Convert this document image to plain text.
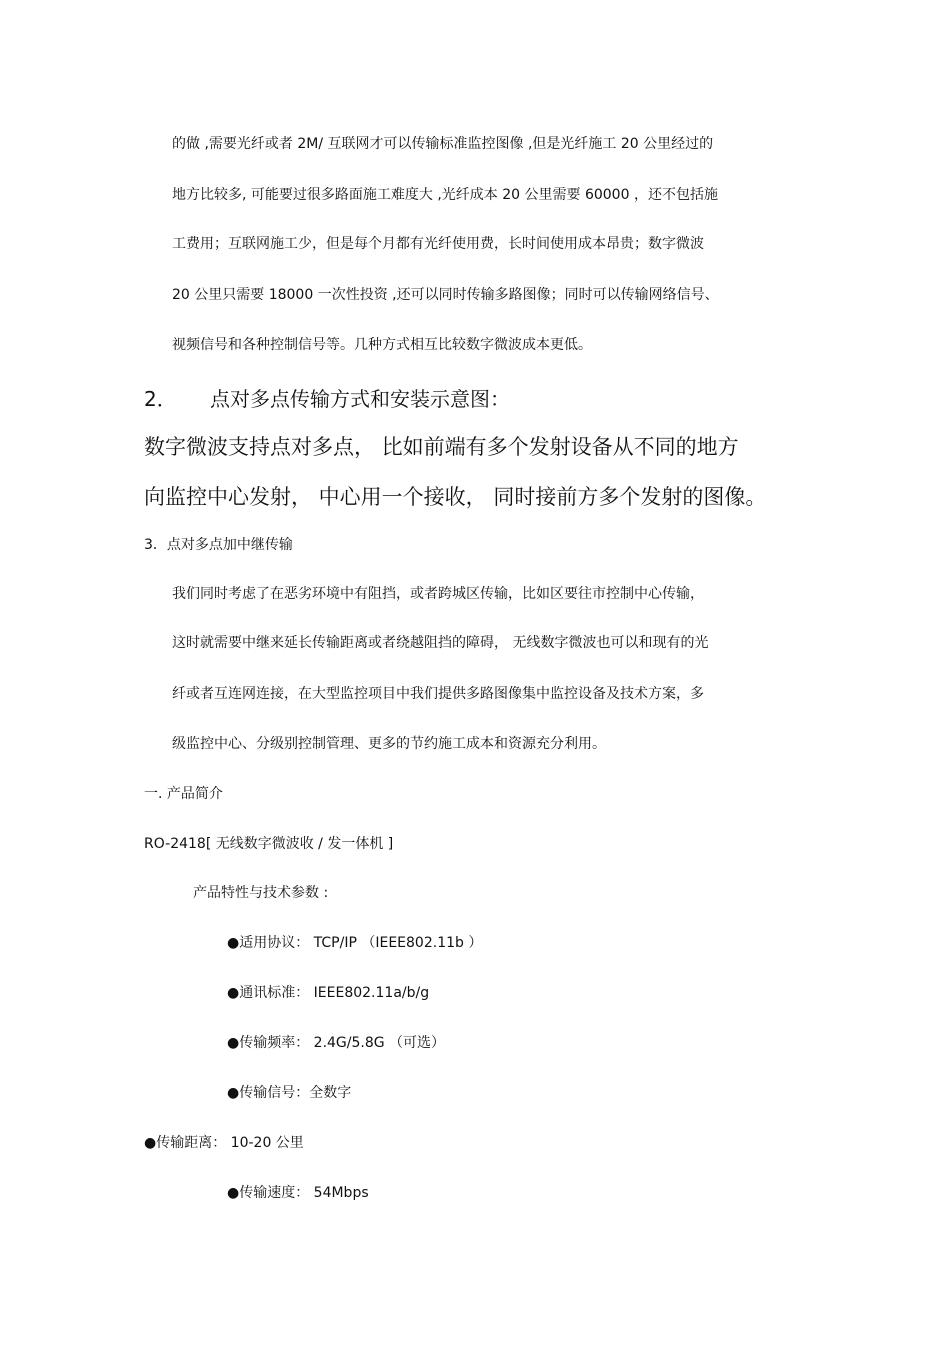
的做 ,需要光纤或者 2M/ 互联网才可以传输标准监控图像 ,但是光纤施工 20 公里经过的
地方比较多, 可能要过很多路面施工难度大 ,光纤成本 20 公里需要 60000 ，还不包括施
工费用；互联网施工少，但是每个月都有光纤使用费，长时间使用成本昂贵；数字微波
20 公里只需要 18000 一次性投资 ,还可以同时传输多路图像；同时可以传输网络信号、
视频信号和各种控制信号等。几种方式相互比较数字微波成本更低。
2． 点对多点传输方式和安装示意图：
数字微波支持点对多点， 比如前端有多个发射设备从不同的地方
向监控中心发射， 中心用一个接收， 同时接前方多个发射的图像。
3．点对多点加中继传输
我们同时考虑了在恶劣环境中有阻挡，或者跨城区传输，比如区要往市控制中心传输，
这时就需要中继来延长传输距离或者绕越阻挡的障碍， 无线数字微波也可以和现有的光
纤或者互连网连接，在大型监控项目中我们提供多路图像集中监控设备及技术方案，多
级监控中心、分级别控制管理、更多的节约施工成本和资源充分利用。
一. 产品简介
RO-2418[ 无线数字微波收 / 发一体机 ]
产品特性与技术参数 :
●适用协议： TCP/IP （IEEE802.11b ）
●通讯标准： IEEE802.11a/b/g
●传输频率： 2.4G/5.8G （可选）
●传输信号：全数字
●传输距离： 10-20 公里
●传输速度： 54Mbps
